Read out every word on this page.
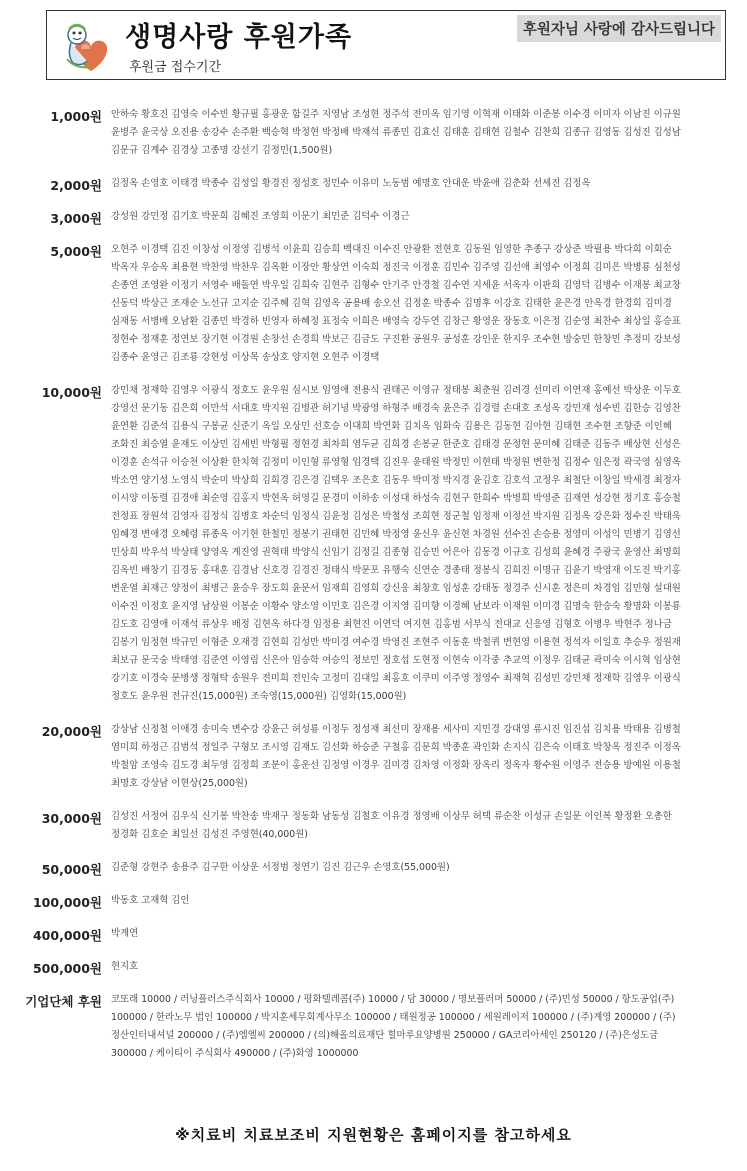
생명사랑 후원가족
후원금 접수기간
후원자님 사랑에 감사드립니다
1,000원 안하숙 황호진 김영숙 이수빈 황규필 홍광운 함길주 지영남 조성현 정주석 전미옥 임기영 이혁재 이태화 이준봉 이수경 이미자 이남진 이규원 윤병주 윤국상 오진용 송강수 손주환 백승혁 박정현 박정배 박재석 류종민 김효신 김태훈 김태현 김철수 김찬희 김종규 김영동 김성진 김성남 김문규 김계수 김경상 고종명 강선기 김정민(1,500원)
2,000원 김정옥 손영호 이태경 박종수 김성일 황경진 정성호 정민수 이유미 노동범 예명호 안대운 박윤애 김춘화 선세진 김정옥
3,000원 강성원 강민정 김기호 박문희 김혜진 조영희 이문기 최민준 김덕수 이경근
5,000원 오현주 이경택 김진 이창성 이정영 김병석 이윤희 김승희 백대진 이수진 안광환 전현호 김동원 임영한 추종구 강상준 박필용 박다희 이회순 박옥자 우승옥 최용현 박찬영 박찬우 김옥환 이장안 황상연 이숙희 정진국 이정훈 김민수 김주영 김선애 최영수 이정희 김미은 박병룡 심천성 손종연 조영완 이정기 서영수 배돌연 박우일 김희숙 김현주 김형수 안기주 안경철 김수연 지세윤 서옥자 이판희 김영덕 김병수 이재봉 최교창 신동덕 박상근 조재순 노선규 고지순 김주혜 김혁 김영옥 공용배 송오선 김정훈 박종수 김명후 이강호 김태한 윤은경 안옥경 한경희 김미경 심재동 서병배 오남환 김종민 박경하 빈영자 하혜정 표정숙 이희은 배영숙 강두연 김창근 황영운 장동호 이은정 김순영 최찬수 최상일 홍승표 정현수 정재훈 정연보 장기현 이경원 손창선 손경희 박보근 김금도 구진환 공원우 공성훈 강인운 한지우 조수현 방숭민 한창민 추정미 강보성 김종수 윤영근 김조룡 강현성 이상목 송상호 양지현 오현주 이경택
10,000원 강민채 정재학 김영우 이광식 정호도 윤우원 심시보 임영애 전용식 권태곤 이영규 정태봉 최춘원 김려경 선미리 이연재 홍예선 박상운 이두호 강영선 문기동 김은희 이만석 서대호 박지원 김병관 허기녕 박광영 하형주 배경숙 윤은주 김경렬 손대호 조성옥 강민재 성수빈 김한승 김영찬 윤연환 김준석 김용식 구봉균 신준기 옥일 오상민 선호승 이대희 박연화 김치옥 임화숙 김용은 김동현 김아현 김태현 조수현 조향준 이인혜 조화진 최승열 윤재도 이상민 김세빈 박형필 정현경 최차희 염두균 김희경 손봉균 한준호 김태경 문정현 문미혜 김태준 김동주 배상현 신성은 이경훈 손석규 이승천 이상환 한치혁 김정미 이인형 류영형 임경택 김진우 윤태원 박정민 이현태 박정원 변한정 김정수 임은정 곽국영 심영옥 박소연 양기성 노영식 박순미 박상희 김희경 김은경 김택우 조은호 김동우 박미정 박지경 윤김호 김호석 고정우 최철단 이창일 박세경 최정자 이시양 이동렬 김경애 최순영 김홍지 박현옥 허영길 문경미 이하송 이성대 하성숙 김현구 한희수 박병희 박영준 김재연 성강현 정기호 홍승철 전정표 장원석 김영자 김정식 김병호 차순덕 임정식 김윤정 김성은 박철성 조희현 정군철 임정재 이정선 박지원 김정옥 강은화 정수진 박태욱 임혜경 변애경 오혜령 류종옥 이기현 한철민 정봉기 권태현 김민혜 박정영 윤신우 윤신현 차경원 선수진 손승용 정영미 이성익 민병기 김영선 민상희 박우석 박상태 양영옥 계진영 권혁태 박양식 신임기 김정길 김종형 김승민 어은아 김동경 이규호 김성희 윤혜경 주광국 윤영산 최명희 김옥빈 배창기 김경동 홍대훈 김경남 신호경 김경진 정태식 박문포 유행숙 신연순 경종태 정봉식 김희진 이명규 김윤기 박영재 이도진 박기홍 변운열 최재근 양정이 최병근 윤승우 장도희 윤문서 임재희 김영희 강신웅 최창호 임성훈 강태동 정경주 신시훈 정은미 차경임 김민형 설대원 이수진 이정호 윤지영 남상원 이봉순 이황수 양소영 이민호 김은경 이지영 김미향 이경혜 남보라 이재원 이미경 김명숙 한승숙 황명화 이봉룡 김도호 김영애 이재석 류상우 배정 김현옥 하다경 임정용 최현진 이연덕 여지현 김홍범 서부식 전대교 신응영 김형호 이병우 박현주 정나금 김봉기 임정현 박규민 이형준 오재경 김현희 김성만 박미경 여수경 박영진 조현주 이동훈 박철퀴 변현영 이용현 정석자 이일호 추승우 정원재 최보규 문국숭 박태영 김준연 이영림 신은아 임승학 여승익 정보민 정호섭 도현정 이현숙 이각중 추교역 이정우 김태균 곽미숙 이시혁 임상현 강기호 이경숙 문병생 정형탁 송원우 전미희 전인숙 고정미 김대일 최홍호 이쿠미 이주영 정영수 최재혁 김성민 강민채 정재학 김영우 이광식 정호도 윤우원 전규진(15,000원) 조숙영(15,000원) 김영화(15,000원)
20,000원 강상남 신정철 이애경 송미숙 변수강 강윤근 허성룡 이정두 정성재 최선미 장재용 세사미 지민경 강대영 류시진 임진섭 김치용 박태용 김병철 염미희 하정근 김범석 정일주 구형모 조시영 김재도 김선화 하승준 구철홍 김문희 박종훈 곽인화 손지식 김은숙 이태호 박창옥 정진주 이정옥 박철암 조영숙 김도경 최두영 김정희 조분이 홍운선 김정영 이경우 김미경 김차영 이정화 장옥리 정옥자 황수원 이영주 전승용 방예원 이용철 최명호 강상남 이현상(25,000원)
30,000원 김성진 서정여 김우식 신기봉 박찬송 박재구 정동화 남동성 김철호 이유경 정영배 이상무 허택 류순찬 이성규 손일문 이인복 황정환 오총한 정경화 김호순 최일선 김성진 주영현(40,000원)
50,000원 김준형 강현주 송용주 김구한 이상운 서정범 정연기 김진 김근우 손영호(55,000원)
100,000원 박동호 고재혁 김인
400,000원 박계연
500,000원 현지호
기업단체 후원 코또래 10000 / 러닝플러스주식회사 10000 / 평화텔레콤(주) 10000 / 담 30000 / 명보플러머 50000 / (주)민성 50000 / 항도공업(주) 100000 / 한라노무 법인 100000 / 박지훈세무회계사무소 100000 / 태원정공 100000 / 세원레이저 100000 / (주)계영 200000 / (주)정산인터내셔널 200000 / (주)엠엘씨 200000 / (의)해올의료재단 힐마루요양병원 250000 / GA코리아세인 250120 / (주)은성도금 300000 / 케이티이 주식회사 490000 / (주)화영 1000000
※치료비 치료보조비 지원현황은 홈페이지를 참고하세요
